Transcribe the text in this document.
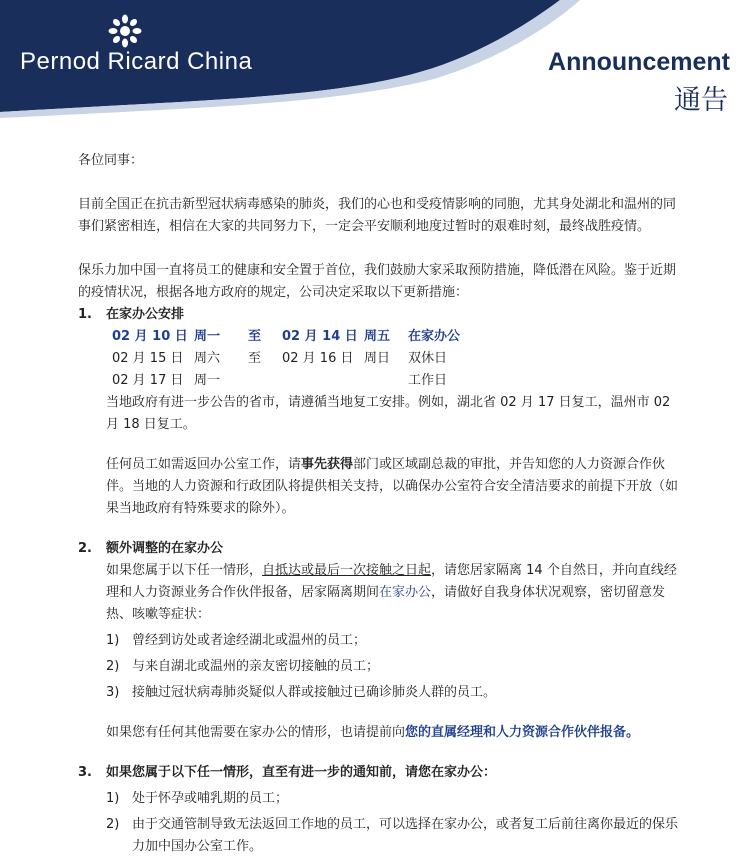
Pernod Ricard China	Announcement
通告

各位同事：

目前全国正在抗击新型冠状病毒感染的肺炎，我们的心也和受疫情影响的同胞，尤其身处湖北和温州的同事们紧密相连，相信在大家的共同努力下，一定会平安顺利地度过暂时的艰难时刻，最终战胜疫情。

保乐力加中国一直将员工的健康和安全置于首位，我们鼓励大家采取预防措施，降低潜在风险。鉴于近期的疫情状况，根据各地方政府的规定，公司决定采取以下更新措施：

1.	在家办公安排
02 月 10 日	周一	至	02 月 14 日	周五	在家办公
02 月 15 日	周六	至	02 月 16 日	周日	双休日
02 月 17 日	周一				工作日

当地政府有进一步公告的省市，请遵循当地复工安排。例如，湖北省 02 月 17 日复工，温州市 02 月 18 日复工。

任何员工如需返回办公室工作，请事先获得部门或区域副总裁的审批，并告知您的人力资源合作伙伴。当地的人力资源和行政团队将提供相关支持，以确保办公室符合安全清洁要求的前提下开放（如果当地政府有特殊要求的除外）。

2.	额外调整的在家办公

如果您属于以下任一情形，自抵达或最后一次接触之日起，请您居家隔离 14 个自然日，并向直线经理和人力资源业务合作伙伴报备，居家隔离期间在家办公，请做好自我身体状况观察，密切留意发热、咳嗽等症状：

1) 曾经到访处或者途经湖北或温州的员工；
2) 与来自湖北或温州的亲友密切接触的员工；
3) 接触过冠状病毒肺炎疑似人群或接触过已确诊肺炎人群的员工。

如果您有任何其他需要在家办公的情形，也请提前向您的直属经理和人力资源合作伙伴报备。

3.	如果您属于以下任一情形，直至有进一步的通知前，请您在家办公：
1) 处于怀孕或哺乳期的员工；
2) 由于交通管制导致无法返回工作地的员工，可以选择在家办公，或者复工后前往离你最近的保乐力加中国办公室工作。
